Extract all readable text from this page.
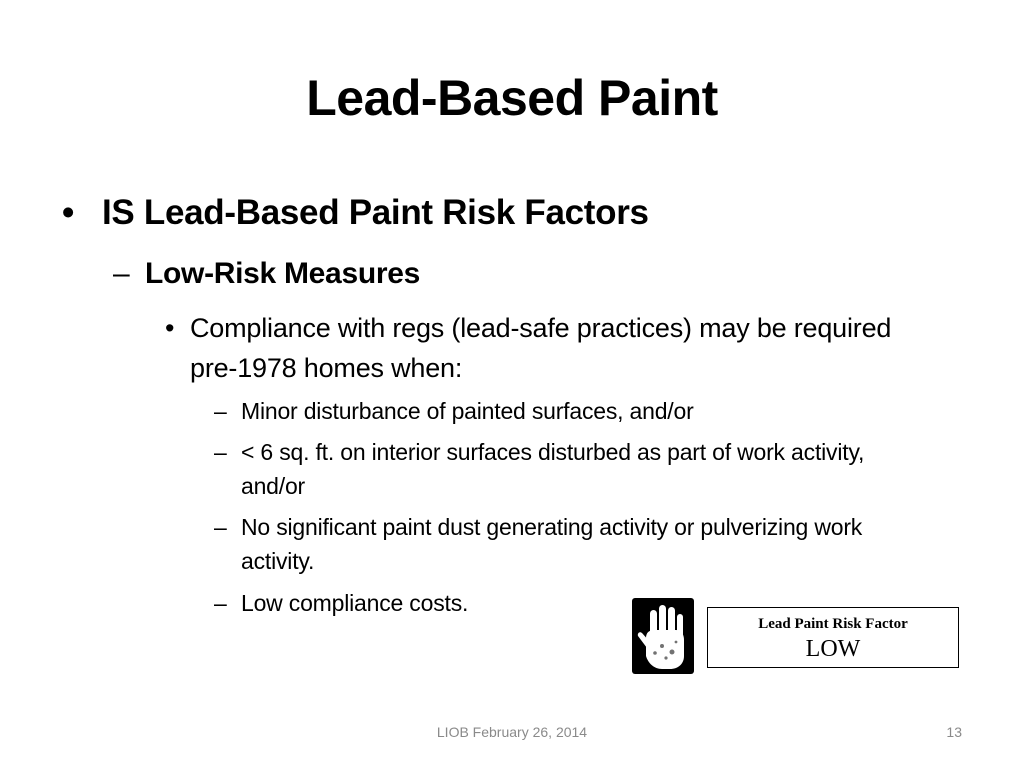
Lead-Based Paint
• IS Lead-Based Paint Risk Factors
– Low-Risk Measures
• Compliance with regs (lead-safe practices) may be required pre-1978 homes when:
– Minor disturbance of painted surfaces, and/or
– < 6 sq. ft. on interior surfaces disturbed as part of work activity, and/or
– No significant paint dust generating activity or pulverizing work activity.
– Low compliance costs.
Lead Paint Risk Factor
LOW
LIOB February 26, 2014	13
